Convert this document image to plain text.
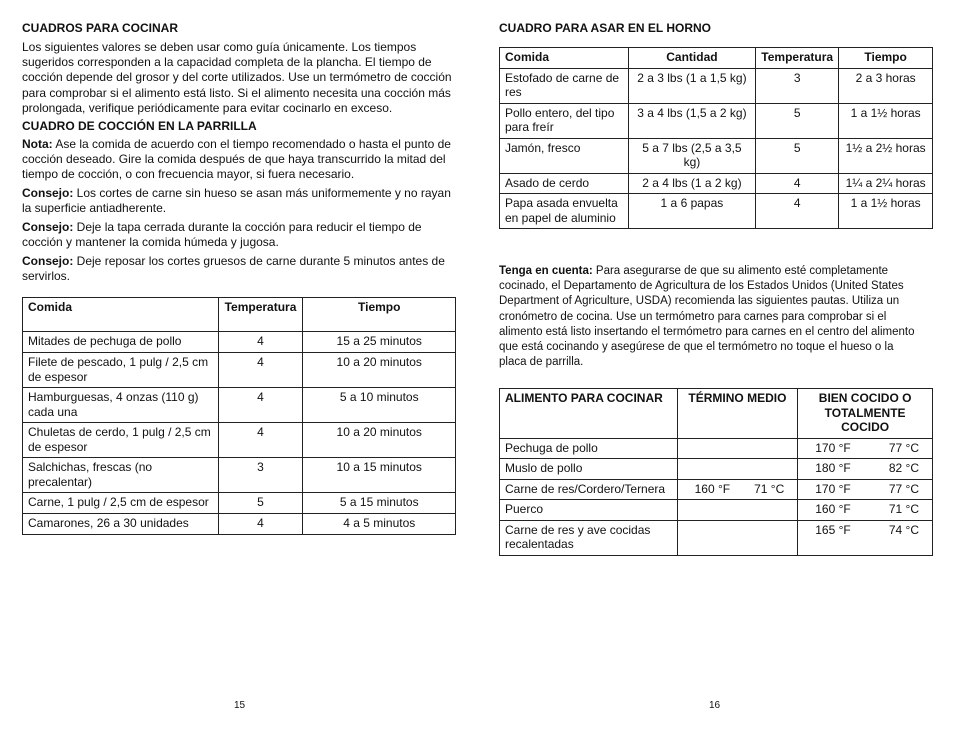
CUADROS PARA COCINAR

Los siguientes valores se deben usar como guía únicamente. Los tiempos sugeridos corresponden a la capacidad completa de la plancha. El tiempo de cocción depende del grosor y del corte utilizados. Use un termómetro de cocción para comprobar si el alimento está listo. Si el alimento necesita una cocción más prolongada, verifique periódicamente para evitar cocinarlo en exceso.

CUADRO DE COCCIÓN EN LA PARRILLA

Nota: Ase la comida de acuerdo con el tiempo recomendado o hasta el punto de cocción deseado. Gire la comida después de que haya transcurrido la mitad del tiempo de cocción, o con frecuencia mayor, si fuera necesario.

Consejo: Los cortes de carne sin hueso se asan más uniformemente y no rayan la superficie antiadherente.

Consejo: Deje la tapa cerrada durante la cocción para reducir el tiempo de cocción y mantener la comida húmeda y jugosa.

Consejo: Deje reposar los cortes gruesos de carne durante 5 minutos antes de servirlos.

Comida	Temperatura	Tiempo
Mitades de pechuga de pollo	4	15 a 25 minutos
Filete de pescado, 1 pulg / 2,5 cm de espesor	4	10 a 20 minutos
Hamburguesas, 4 onzas (110 g) cada una	4	5 a 10 minutos
Chuletas de cerdo, 1 pulg / 2,5 cm de espesor	4	10 a 20 minutos
Salchichas, frescas (no precalentar)	3	10 a 15 minutos
Carne, 1 pulg / 2,5 cm de espesor	5	5 a 15 minutos
Camarones, 26 a 30 unidades	4	4 a 5 minutos
15
CUADRO PARA ASAR EN EL HORNO
Comida	Cantidad	Temperatura	Tiempo
Estofado de carne de res	2 a 3 lbs (1 a 1,5 kg)	3	2 a 3 horas
Pollo entero, del tipo para freír	3 a 4 lbs (1,5 a 2 kg)	5	1 a 1½ horas
Jamón, fresco	5 a 7 lbs (2,5 a 3,5 kg)	5	1½ a 2½ horas
Asado de cerdo	2 a 4 lbs (1 a 2 kg)	4	1¼ a 2¼ horas
Papa asada envuelta en papel de aluminio	1 a 6 papas	4	1 a 1½ horas

Tenga en cuenta: Para asegurarse de que su alimento esté completamente cocinado, el Departamento de Agricultura de los Estados Unidos (United States Department of Agriculture, USDA) recomienda las siguientes pautas. Utiliza un cronómetro de cocina. Use un termómetro para carnes para comprobar si el alimento está listo insertando el termómetro para carnes en el centro del alimento que está cocinando y asegúrese de que el termómetro no toque el hueso o la placa de parrilla.

ALIMENTO PARA COCINAR	TÉRMINO MEDIO	BIEN COCIDO O TOTALMENTE COCIDO
Pechuga de pollo		170 °F 77 °C

Muslo de pollo		180 °F 82 °C

Carne de res/Cordero/Ternera	160 °F 71 °C	170 °F 77 °C

Puerco		160 °F 71 °C

Carne de res y ave cocidas recalentadas		165 °F 74 °C
16
